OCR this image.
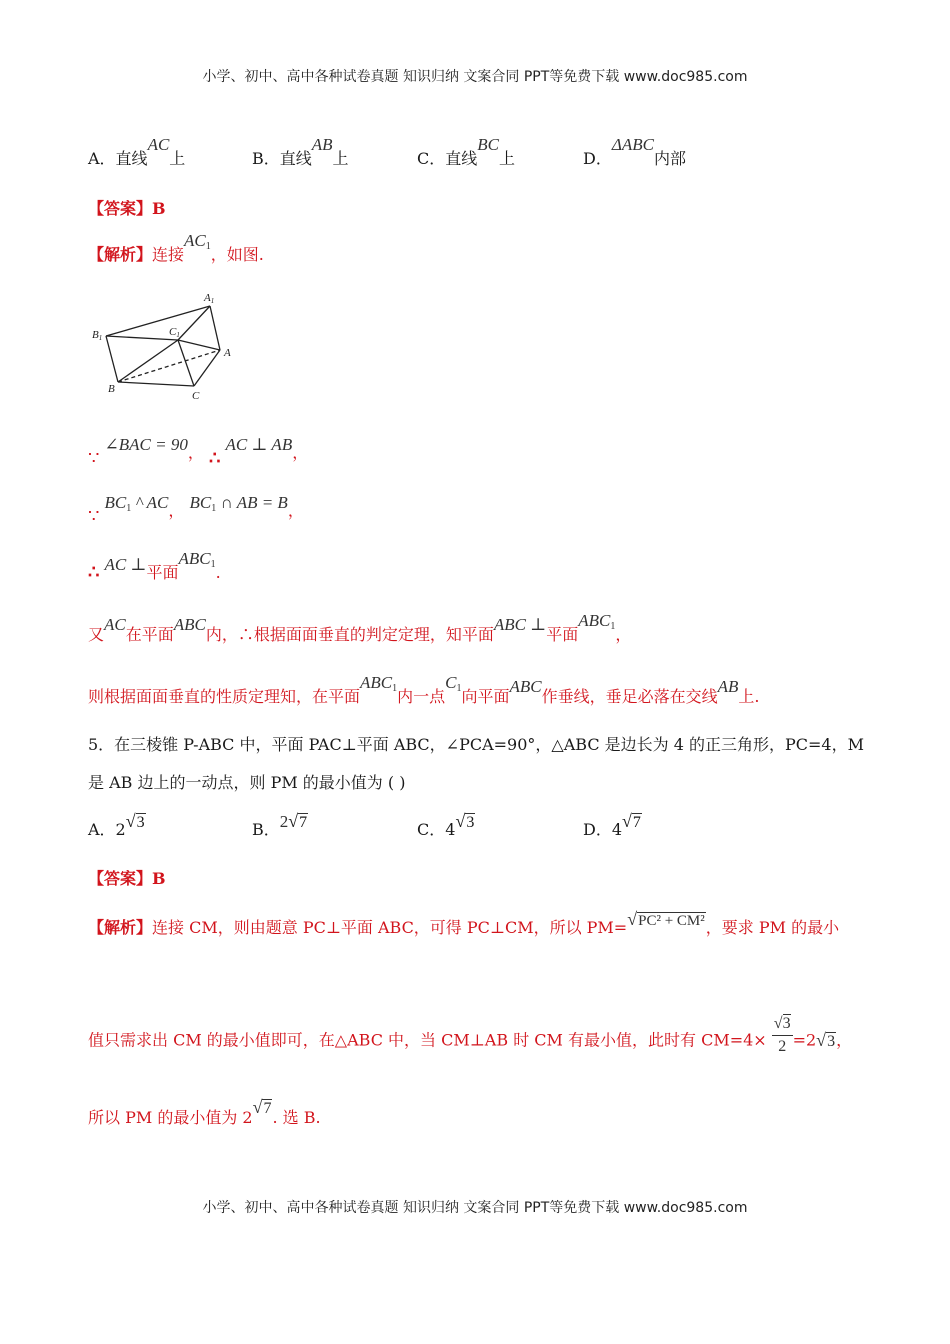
小学、初中、高中各种试卷真题 知识归纳 文案合同 PPT等免费下载 www.doc985.com
A．直线AC上	B．直线AB上	C．直线BC上	D．ΔABC内部
【答案】B
【解析】连接$AC_1$，如图.
A1
B1	C1
A
B
C
∵ ∠BAC = 90， ∴ AC ⊥ AB，
∵ $BC_1$ ^ AC， $BC_1$ ∩ AB = B，
∴ AC ⊥平面$ABC_1$.
又AC在平面ABC内，∴根据面面垂直的判定定理，知平面ABC ⊥平面$ABC_1$，
则根据面面垂直的性质定理知，在平面$ABC_1$内一点$C_1$向平面ABC作垂线，垂足必落在交线AB上.
5．在三棱锥 P-ABC 中，平面 PAC⊥平面 ABC，∠PCA=90°，△ABC 是边长为 4 的正三角形，PC=4，M
是 AB 边上的一动点，则 PM 的最小值为 ( )
A．2√3	B．2√7	C．4√3	D．4√7
【答案】B
【解析】连接 CM，则由题意 PC⊥平面 ABC，可得 PC⊥CM，所以 PM=√PC² + CM²，要求 PM 的最小
值只需求出 CM 的最小值即可，在△ABC 中，当 CM⊥AB 时 CM 有最小值，此时有 $CM=4\times \frac{√3}{2} =2√3$，
所以 PM 的最小值为 2√7. 选 B.
小学、初中、高中各种试卷真题 知识归纳 文案合同 PPT等免费下载 www.doc985.com
